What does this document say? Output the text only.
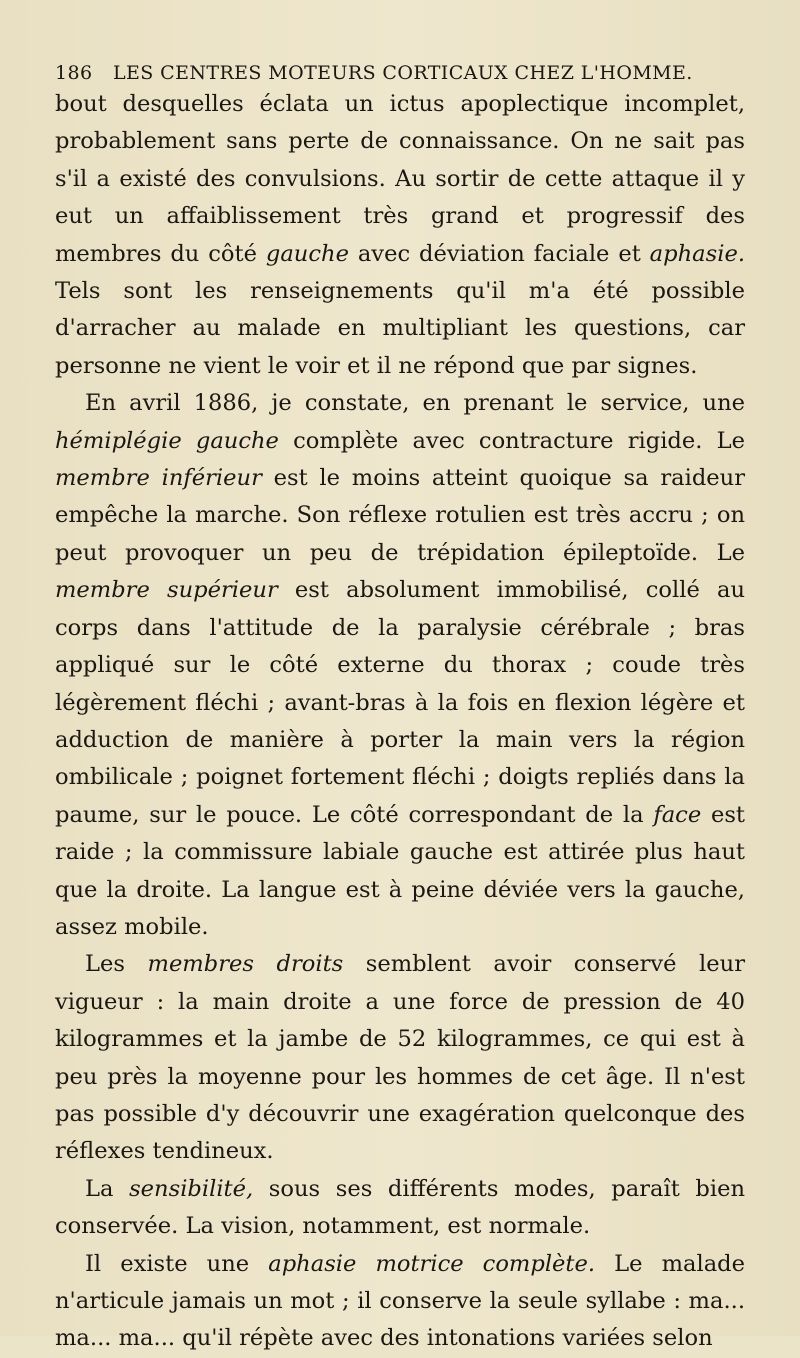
186 LES CENTRES MOTEURS CORTICAUX CHEZ L'HOMME.

bout desquelles éclata un ictus apoplectique incomplet, probablement sans perte de connaissance. On ne sait pas s'il a existé des convulsions. Au sortir de cette attaque il y eut un affaiblissement très grand et progressif des membres du côté gauche avec déviation faciale et aphasie. Tels sont les renseignements qu'il m'a été possible d'arracher au malade en multipliant les questions, car personne ne vient le voir et il ne répond que par signes.

En avril 1886, je constate, en prenant le service, une hémiplégie gauche complète avec contracture rigide. Le membre inférieur est le moins atteint quoique sa raideur empêche la marche. Son réflexe rotulien est très accru ; on peut provoquer un peu de trépidation épileptoïde. Le membre supérieur est absolument immobilisé, collé au corps dans l'attitude de la paralysie cérébrale ; bras appliqué sur le côté externe du thorax ; coude très légèrement fléchi ; avant-bras à la fois en flexion légère et adduction de manière à porter la main vers la région ombilicale ; poignet fortement fléchi ; doigts repliés dans la paume, sur le pouce. Le côté correspondant de la face est raide ; la commissure labiale gauche est attirée plus haut que la droite. La langue est à peine déviée vers la gauche, assez mobile.

Les membres droits semblent avoir conservé leur vigueur : la main droite a une force de pression de 40 kilogrammes et la jambe de 52 kilogrammes, ce qui est à peu près la moyenne pour les hommes de cet âge. Il n'est pas possible d'y découvrir une exagération quelconque des réflexes tendineux.

La sensibilité, sous ses différents modes, paraît bien conservée. La vision, notamment, est normale.

Il existe une aphasie motrice complète. Le malade n'articule jamais un mot ; il conserve la seule syllabe : ma... ma... ma... qu'il répète avec des intonations variées selon
